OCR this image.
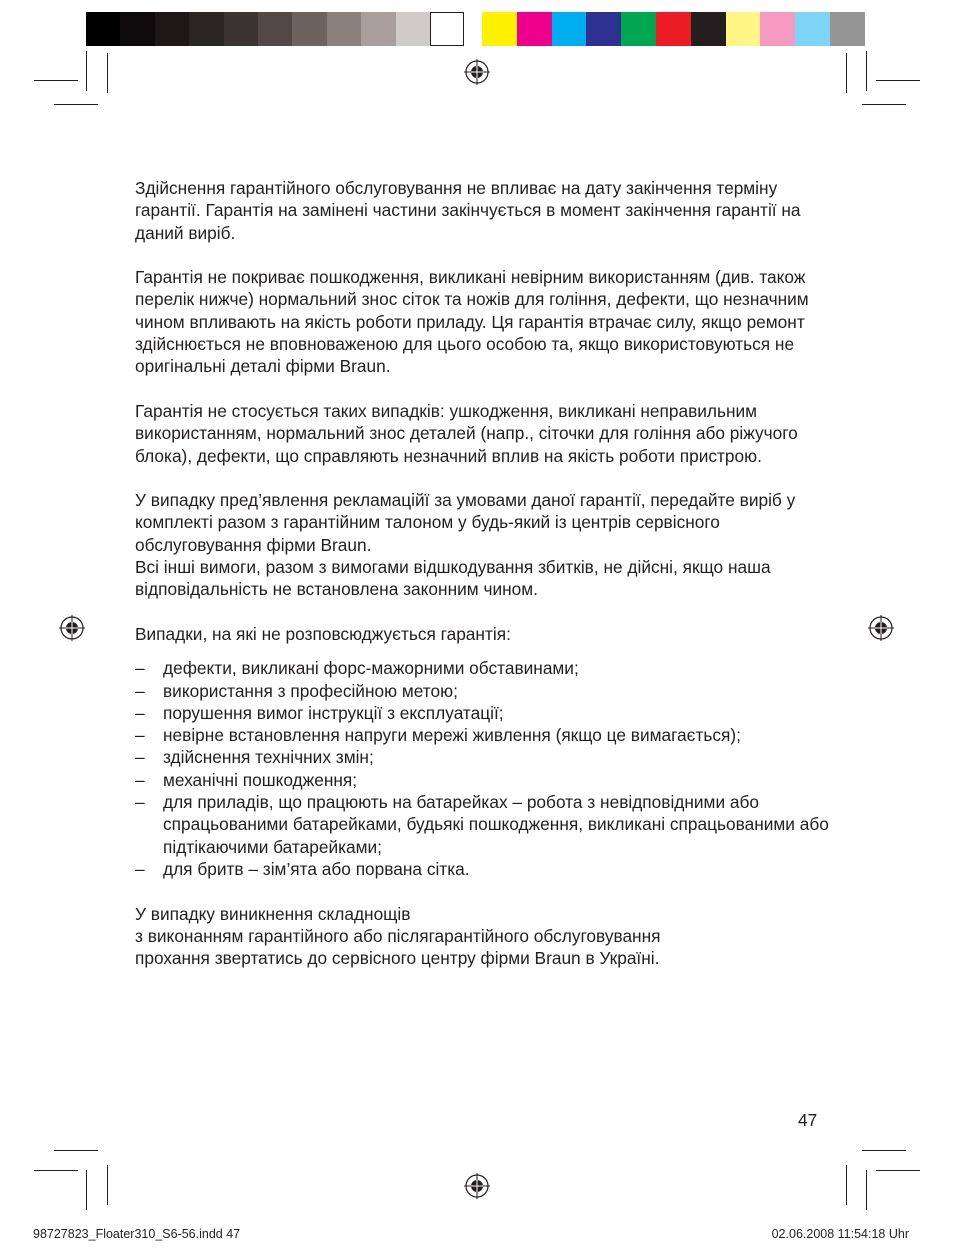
Здійснення гарантійного обслуговування не впливає на дату закінчення терміну гарантії. Гарантія на замінені частини закінчується в момент закінчення гарантії на даний виріб.

Гарантія не покриває пошкодження, викликані невірним використанням (див. також перелік нижче) нормальний знос сіток та ножів для гоління, дефекти, що незначним чином впливають на якість роботи приладу. Ця гарантія втрачає силу, якщо ремонт здійснюється не вповноваженою для цього особою та, якщо використовуються не оригінальні деталі фірми Braun.

Гарантія не стосується таких випадків: ушкодження, викликані неправильним використанням, нормальний знос деталей (напр., сіточки для гоління або ріжучого блока), дефекти, що справляють незначний вплив на якість роботи пристрою.

У випадку пред’явлення рекламаційї за умовами даної гарантії, передайте виріб у комплекті разом з гарантійним талоном у будь-який із центрів сервісного обслуговування фірми Braun.

Всі інші вимоги, разом з вимогами відшкодування збитків, не дійсні, якщо наша відповідальність не встановлена законним чином.

Випадки, на які не розповсюджується гарантія:

– дефекти, викликані форс-мажорними обставинами;
– використання з професійною метою;
– порушення вимог інструкції з експлуатації;
– невірне встановлення напруги мережі живлення (якщо це вимагається);
– здійснення технічних змін;
– механічні пошкодження;
– для приладів, що працюють на батарейках – робота з невідповідними або спрацьованими батарейками, будьякі пошкодження, викликані спрацьованими або підтікаючими батарейками;
– для бритв – зім’ята або порвана сітка.

У випадку виникнення складнощів

з виконанням гарантійного або післягарантійного обслуговування

прохання звертатись до сервісного центру фірми Braun в Україні.

47
98727823_Floater310_S6-56.indd 47	02.06.2008 11:54:18 Uhr
